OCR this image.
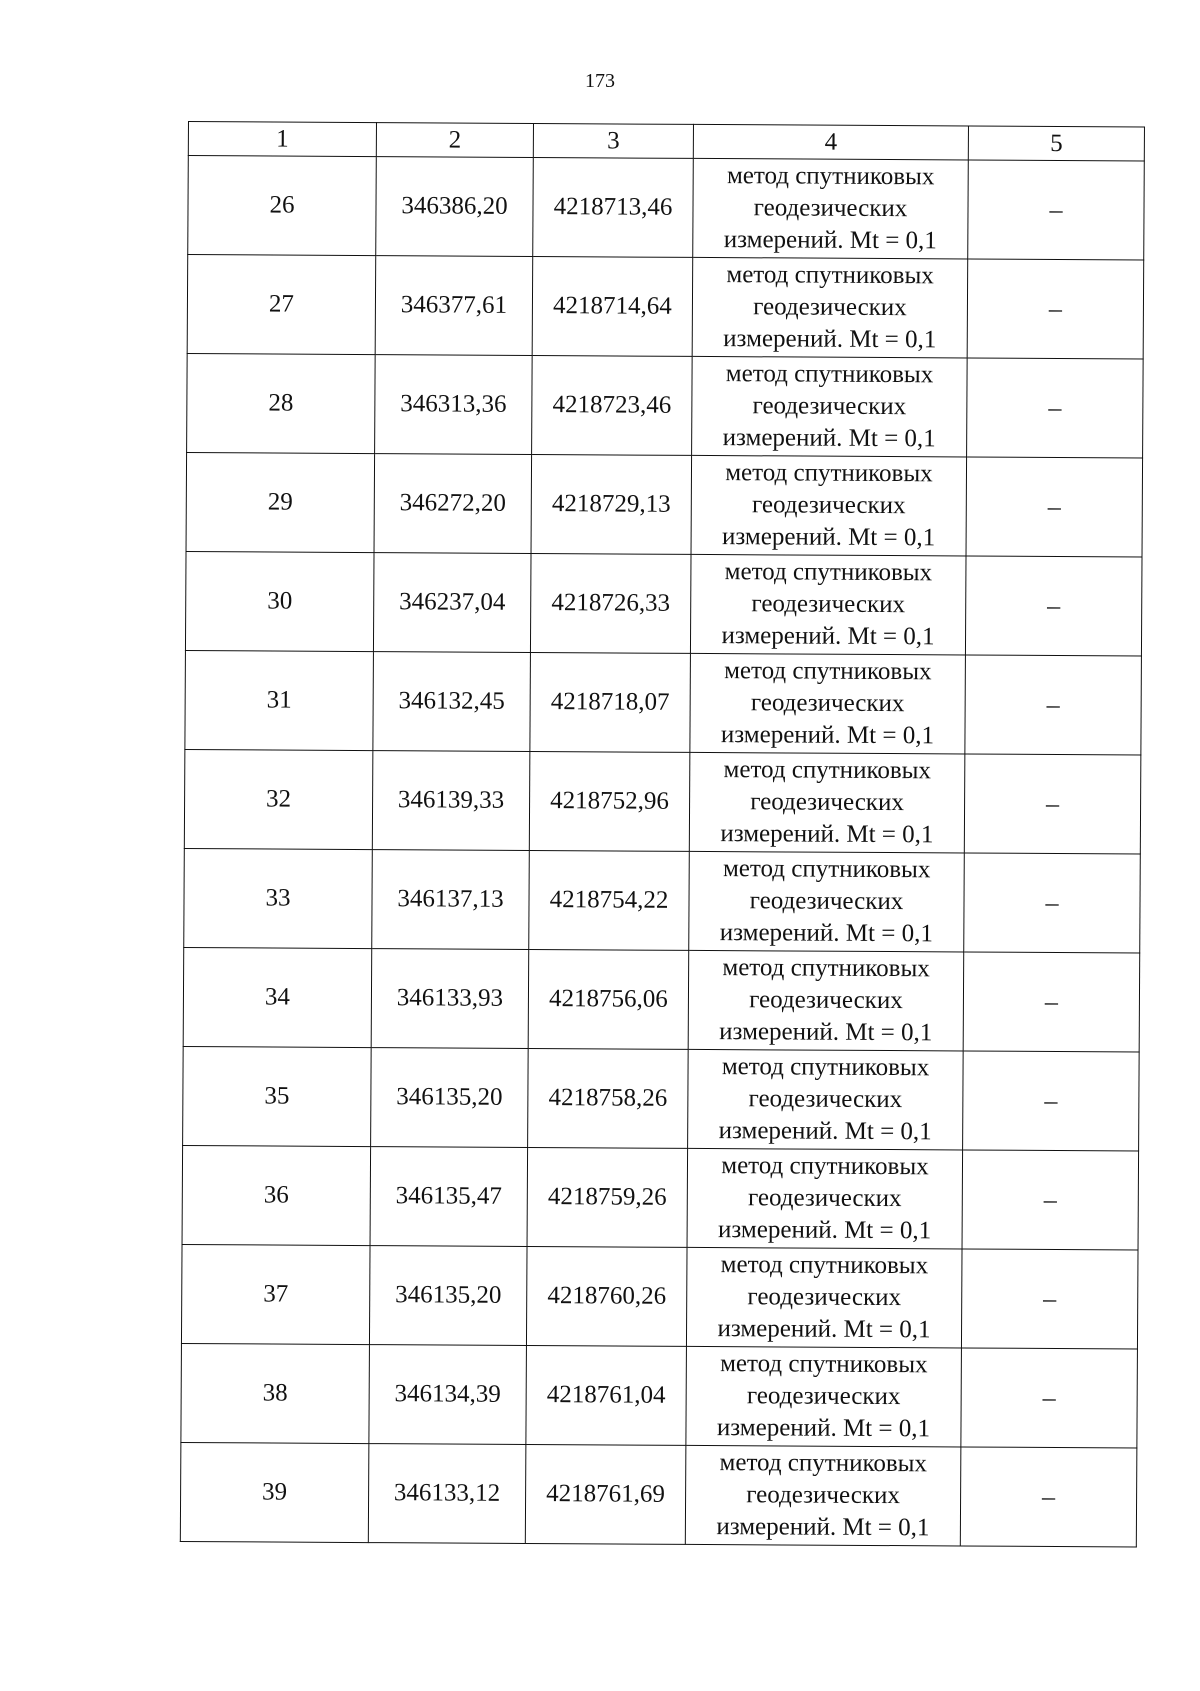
173
1	2	3	4	5
26	346386,20	4218713,46	метод спутниковых
геодезических
измерений. Mt = 0,1	–
27	346377,61	4218714,64	метод спутниковых
геодезических
измерений. Mt = 0,1	–
28	346313,36	4218723,46	метод спутниковых
геодезических
измерений. Mt = 0,1	–
29	346272,20	4218729,13	метод спутниковых
геодезических
измерений. Mt = 0,1	–
30	346237,04	4218726,33	метод спутниковых
геодезических
измерений. Mt = 0,1	–
31	346132,45	4218718,07	метод спутниковых
геодезических
измерений. Mt = 0,1	–
32	346139,33	4218752,96	метод спутниковых
геодезических
измерений. Mt = 0,1	–
33	346137,13	4218754,22	метод спутниковых
геодезических
измерений. Mt = 0,1	–
34	346133,93	4218756,06	метод спутниковых
геодезических
измерений. Mt = 0,1	–
35	346135,20	4218758,26	метод спутниковых
геодезических
измерений. Mt = 0,1	–
36	346135,47	4218759,26	метод спутниковых
геодезических
измерений. Mt = 0,1	–
37	346135,20	4218760,26	метод спутниковых
геодезических
измерений. Mt = 0,1	–
38	346134,39	4218761,04	метод спутниковых
геодезических
измерений. Mt = 0,1	–
39	346133,12	4218761,69	метод спутниковых
геодезических
измерений. Mt = 0,1	–
